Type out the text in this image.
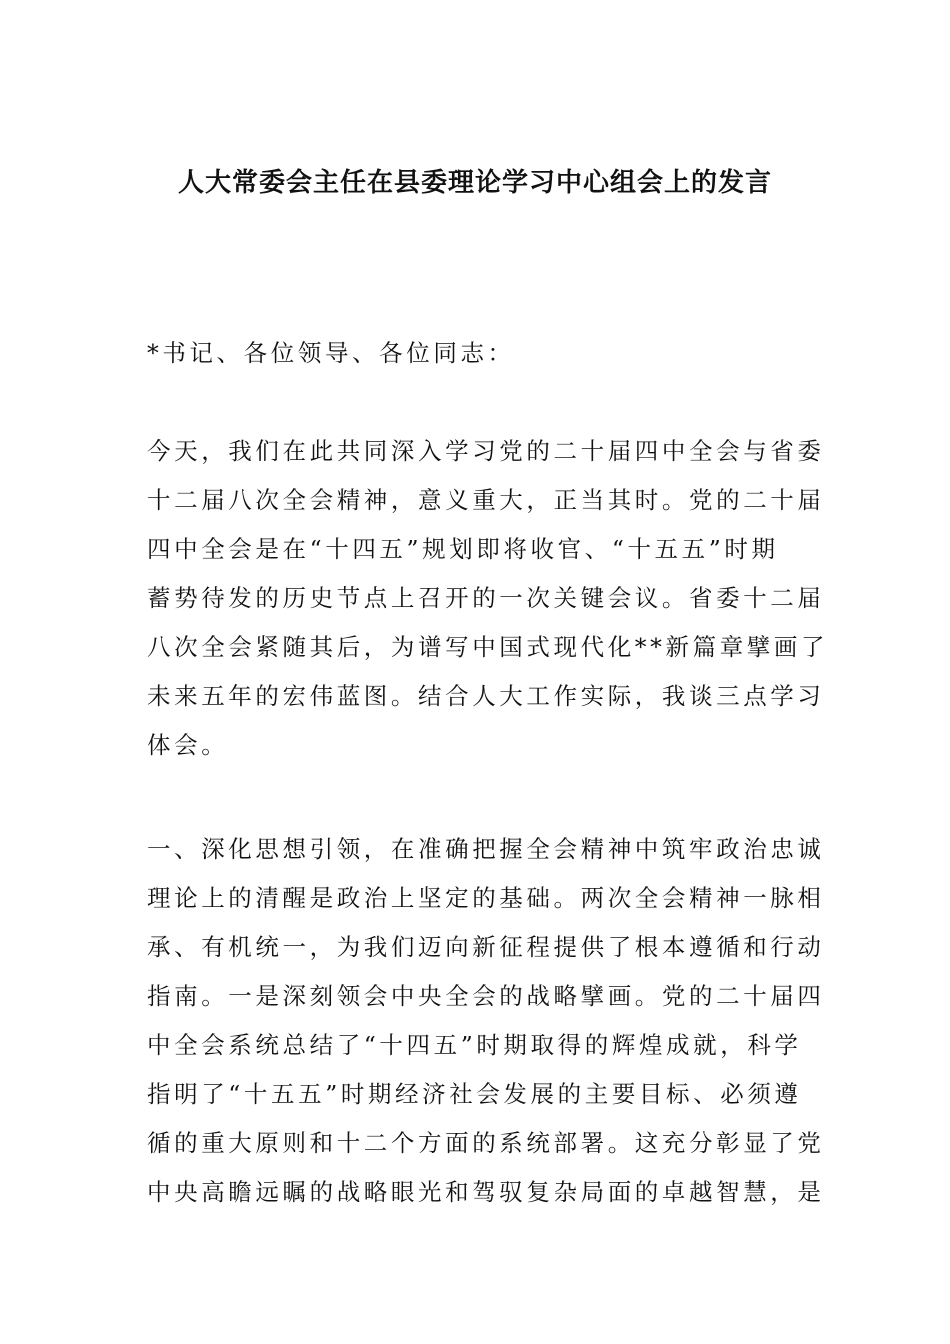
人大常委会主任在县委理论学习中心组会上的发言
*书记、各位领导、各位同志：
今天，我们在此共同深入学习党的二十届四中全会与省委
十二届八次全会精神，意义重大，正当其时。党的二十届
四中全会是在“十四五”规划即将收官、“十五五”时期
蓄势待发的历史节点上召开的一次关键会议。省委十二届
八次全会紧随其后，为谱写中国式现代化**新篇章擘画了
未来五年的宏伟蓝图。结合人大工作实际，我谈三点学习
体会。
一、深化思想引领，在准确把握全会精神中筑牢政治忠诚
理论上的清醒是政治上坚定的基础。两次全会精神一脉相
承、有机统一，为我们迈向新征程提供了根本遵循和行动
指南。一是深刻领会中央全会的战略擘画。党的二十届四
中全会系统总结了“十四五”时期取得的辉煌成就，科学
指明了“十五五”时期经济社会发展的主要目标、必须遵
循的重大原则和十二个方面的系统部署。这充分彰显了党
中央高瞻远瞩的战略眼光和驾驭复杂局面的卓越智慧，是
